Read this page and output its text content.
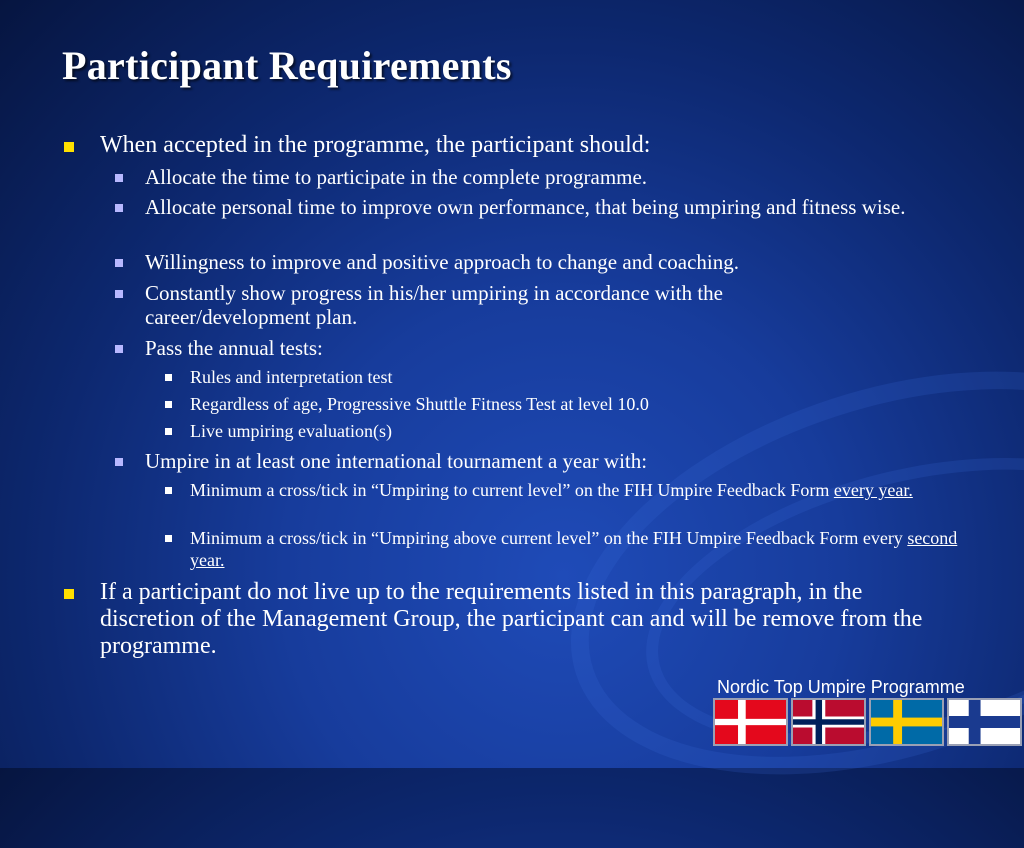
Participant Requirements
When accepted in the programme, the participant should:
Allocate the time to participate in the complete programme.
Allocate personal time to improve own performance, that being umpiring and fitness wise.
Willingness to improve and positive approach to change and coaching.
Constantly show progress in his/her umpiring in accordance with the career/development plan.
Pass the annual tests:
Rules and interpretation test
Regardless of age, Progressive Shuttle Fitness Test at level 10.0
Live umpiring evaluation(s)
Umpire in at least one international tournament a year with:
Minimum a cross/tick in “Umpiring to current level” on the FIH Umpire Feedback Form every year.
Minimum a cross/tick in “Umpiring above current level” on the FIH Umpire Feedback Form every second year.
If a participant do not live up to the requirements listed in this paragraph, in the discretion of the Management Group, the participant can and will be remove from the programme.
Nordic Top Umpire Programme
